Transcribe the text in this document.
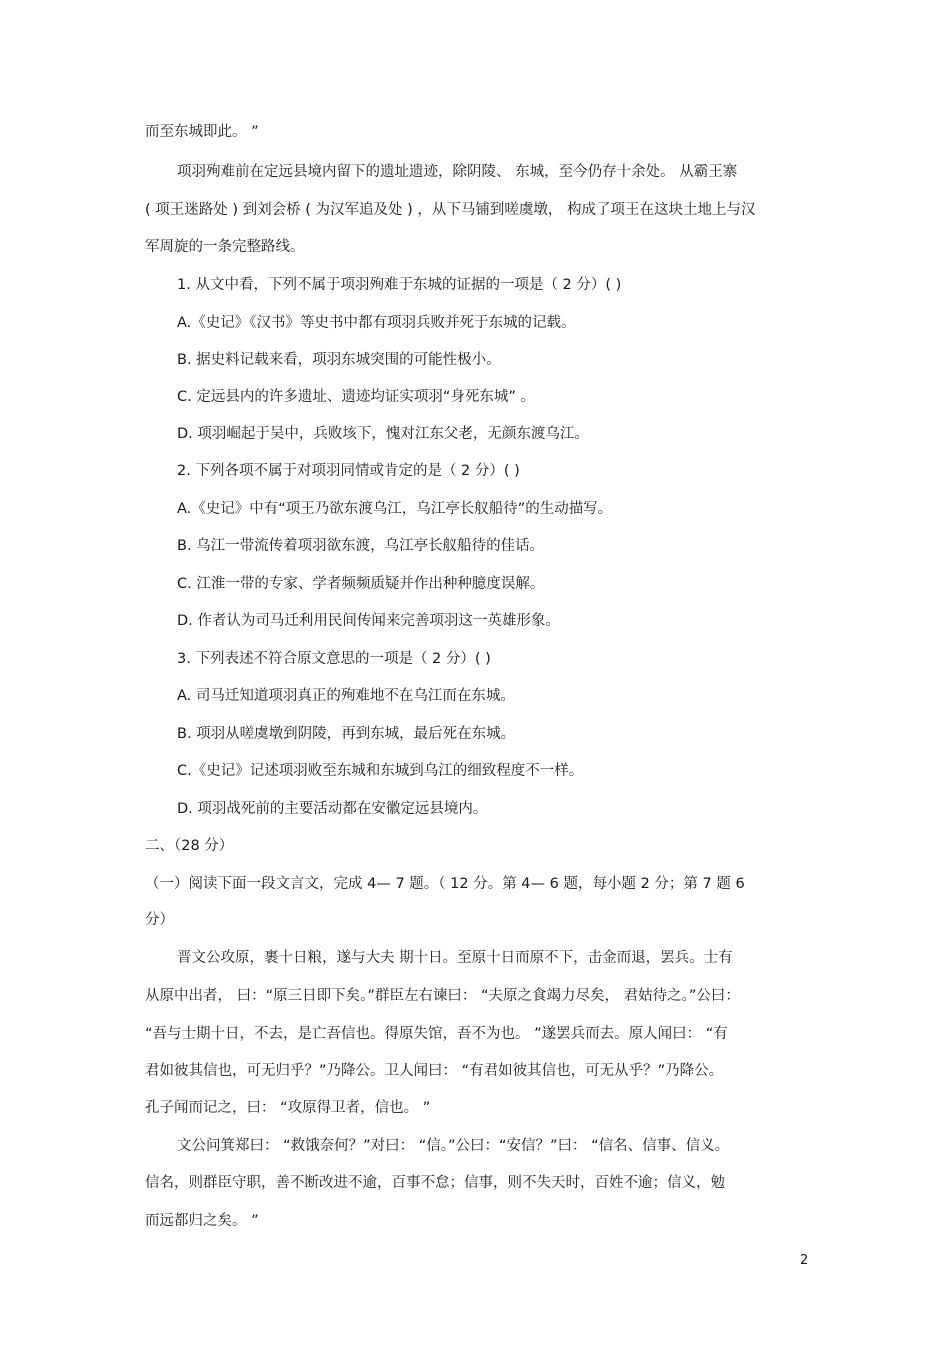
而至东城即此。 ”
项羽殉难前在定远县境内留下的遗址遗迹，除阴陵、 东城，至今仍存十余处。 从霸王寨
( 项王迷路处 ) 到刘会桥 ( 为汉军追及处 ) ，从下马铺到嗟虞墩， 构成了项王在这块土地上与汉
军周旋的一条完整路线。
1. 从文中看，下列不属于项羽殉难于东城的证据的一项是（ 2 分）( )
A.《史记》《汉书》等史书中都有项羽兵败并死于东城的记载。
B. 据史料记载来看，项羽东城突围的可能性极小。
C. 定远县内的许多遗址、遗迹均证实项羽“身死东城” 。
D. 项羽崛起于吴中，兵败垓下，愧对江东父老，无颜东渡乌江。
2. 下列各项不属于对项羽同情或肯定的是（ 2 分）( )
A.《史记》中有“项王乃欲东渡乌江，乌江亭长舣船待”的生动描写。
B. 乌江一带流传着项羽欲东渡，乌江亭长舣船待的佳话。
C. 江淮一带的专家、学者频频质疑并作出种种臆度误解。
D. 作者认为司马迁利用民间传闻来完善项羽这一英雄形象。
3. 下列表述不符合原文意思的一项是（ 2 分）( )
A. 司马迁知道项羽真正的殉难地不在乌江而在东城。
B. 项羽从嗟虞墩到阴陵，再到东城，最后死在东城。
C.《史记》记述项羽败至东城和东城到乌江的细致程度不一样。
D. 项羽战死前的主要活动都在安徽定远县境内。
二、（28 分）
（一）阅读下面一段文言文，完成 4— 7 题。（ 12 分。第 4— 6 题，每小题 2 分；第 7 题 6
分）
晋文公攻原，裹十日粮，遂与大夫 期十日。至原十日而原不下，击金而退，罢兵。士有
从原中出者， 曰：“原三日即下矣。”群臣左右谏曰： “夫原之食竭力尽矣， 君姑待之。”公曰：
“吾与士期十日，不去，是亡吾信也。得原失馆，吾不为也。 ”遂罢兵而去。原人闻曰： “有
君如彼其信也，可无归乎？”乃降公。卫人闻曰： “有君如彼其信也，可无从乎？”乃降公。
孔子闻而记之，曰： “攻原得卫者，信也。 ”
文公问箕郑曰： “救饿奈何？”对曰： “信。”公曰：“安信？”曰： “信名、信事、信义。
信名，则群臣守职，善不断改进不逾，百事不怠；信事，则不失天时，百姓不逾；信义，勉
而远都归之矣。 ”
2
